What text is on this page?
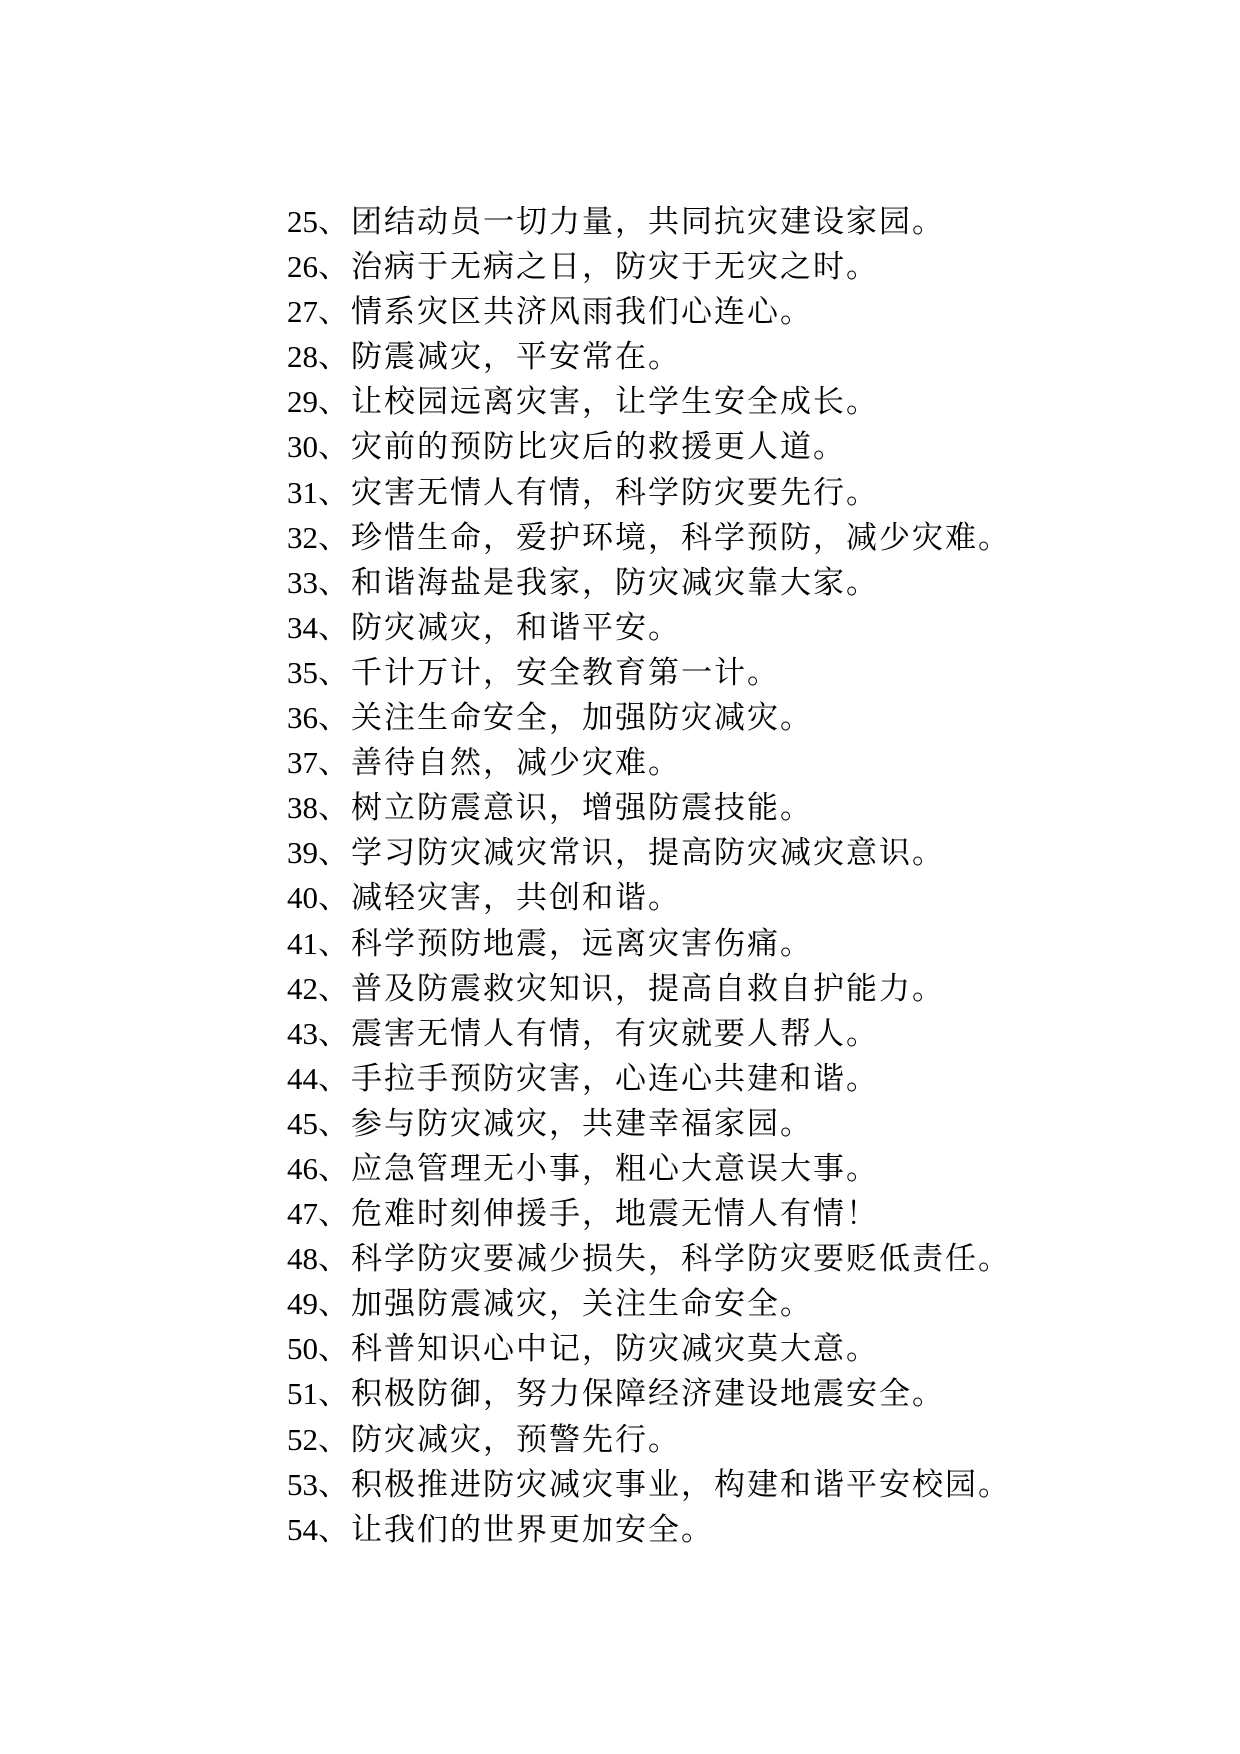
25、团结动员一切力量，共同抗灾建设家园。
26、治病于无病之日，防灾于无灾之时。
27、情系灾区共济风雨我们心连心。
28、防震减灾，平安常在。
29、让校园远离灾害，让学生安全成长。
30、灾前的预防比灾后的救援更人道。
31、灾害无情人有情，科学防灾要先行。
32、珍惜生命，爱护环境，科学预防，减少灾难。
33、和谐海盐是我家，防灾减灾靠大家。
34、防灾减灾，和谐平安。
35、千计万计，安全教育第一计。
36、关注生命安全，加强防灾减灾。
37、善待自然，减少灾难。
38、树立防震意识，增强防震技能。
39、学习防灾减灾常识，提高防灾减灾意识。
40、减轻灾害，共创和谐。
41、科学预防地震，远离灾害伤痛。
42、普及防震救灾知识，提高自救自护能力。
43、震害无情人有情，有灾就要人帮人。
44、手拉手预防灾害，心连心共建和谐。
45、参与防灾减灾，共建幸福家园。
46、应急管理无小事，粗心大意误大事。
47、危难时刻伸援手，地震无情人有情！
48、科学防灾要减少损失，科学防灾要贬低责任。
49、加强防震减灾，关注生命安全。
50、科普知识心中记，防灾减灾莫大意。
51、积极防御，努力保障经济建设地震安全。
52、防灾减灾，预警先行。
53、积极推进防灾减灾事业，构建和谐平安校园。
54、让我们的世界更加安全。
